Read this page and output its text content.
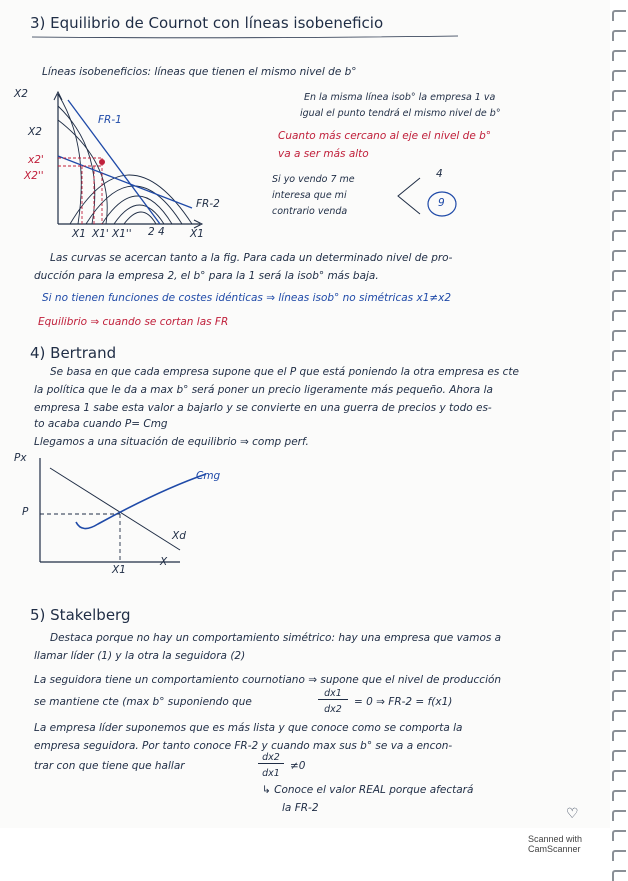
3) Equilibrio de Cournot con líneas isobeneficio
Líneas isobeneficios: líneas que tienen el mismo nivel de b°
X2
X1
X2
x2'
X2''
FR-1
FR-2
X1 X1' X1'' 2 4
En la misma línea isob° la empresa 1 va
igual el punto tendrá el mismo nivel de b°
Cuanto más cercano al eje el nivel de b°
va a ser más alto
Si yo vendo 7 me
interesa que mi
contrario venda
4
9
Las curvas se acercan tanto a la fig. Para cada un determinado nivel de pro-
ducción para la empresa 2, el b° para la 1 será la isob° más baja.
Si no tienen funciones de costes idénticas ⇒ líneas isob° no simétricas x1≠x2
Equilibrio ⇒ cuando se cortan las FR
4) Bertrand
Se basa en que cada empresa supone que el P que está poniendo la otra empresa es cte
la política que le da a max b° será poner un precio ligeramente más pequeño. Ahora la
empresa 1 sabe esta valor a bajarlo y se convierte en una guerra de precios y todo es-
to acaba cuando P= Cmg
Llegamos a una situación de equilibrio ⇒ comp perf.
Px
P
Cmg
Xd
X1
X
5) Stakelberg
Destaca porque no hay un comportamiento simétrico: hay una empresa que vamos a
llamar líder (1) y la otra la seguidora (2)
La seguidora tiene un comportamiento cournotiano ⇒ supone que el nivel de producción
se mantiene cte (max b° suponiendo que
dx1
dx2
= 0 ⇒ FR-2 = f(x1)
La empresa líder suponemos que es más lista y que conoce como se comporta la
empresa seguidora. Por tanto conoce FR-2 y cuando max sus b° se va a encon-
trar con que tiene que hallar
dx2
dx1
≠0
↳ Conoce el valor REAL porque afectará
la FR-2	♡
Scanned with CamScanner
